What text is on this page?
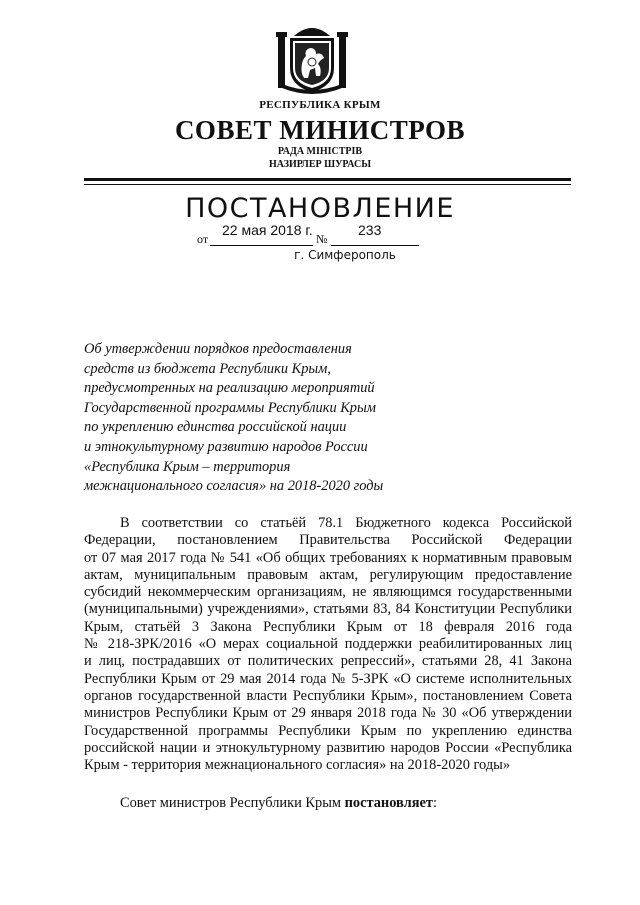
РЕСПУБЛИКА КРЫМ
СОВЕТ МИНИСТРОВ
РАДА МІНІСТРІВ
НАЗИРЛЕР ШУРАСЫ
ПОСТАНОВЛЕНИЕ
от
22 мая 2018 г.
№
233
г. Симферополь
Об утверждении порядков предоставления
средств из бюджета Республики Крым,
предусмотренных на реализацию мероприятий
Государственной программы Республики Крым
по укреплению единства российской нации
и этнокультурному развитию народов России
«Республика Крым – территория
межнационального согласия» на 2018-2020 годы
В соответствии со статьёй 78.1 Бюджетного кодекса Российской
Федерации, постановлением Правительства Российской Федерации
от 07 мая 2017 года № 541 «Об общих требованиях к нормативным правовым
актам, муниципальным правовым актам, регулирующим предоставление
субсидий некоммерческим организациям, не являющимся государственными
(муниципальными) учреждениями», статьями 83, 84 Конституции Республики
Крым, статьёй 3 Закона Республики Крым от 18 февраля 2016 года
№ 218-ЗРК/2016 «О мерах социальной поддержки реабилитированных лиц
и лиц, пострадавших от политических репрессий», статьями 28, 41 Закона
Республики Крым от 29 мая 2014 года № 5-ЗРК «О системе исполнительных
органов государственной власти Республики Крым», постановлением Совета
министров Республики Крым от 29 января 2018 года № 30 «Об утверждении
Государственной программы Республики Крым по укреплению единства
российской нации и этнокультурному развитию народов России «Республика
Крым - территория межнационального согласия» на 2018-2020 годы»
Совет министров Республики Крым постановляет:
